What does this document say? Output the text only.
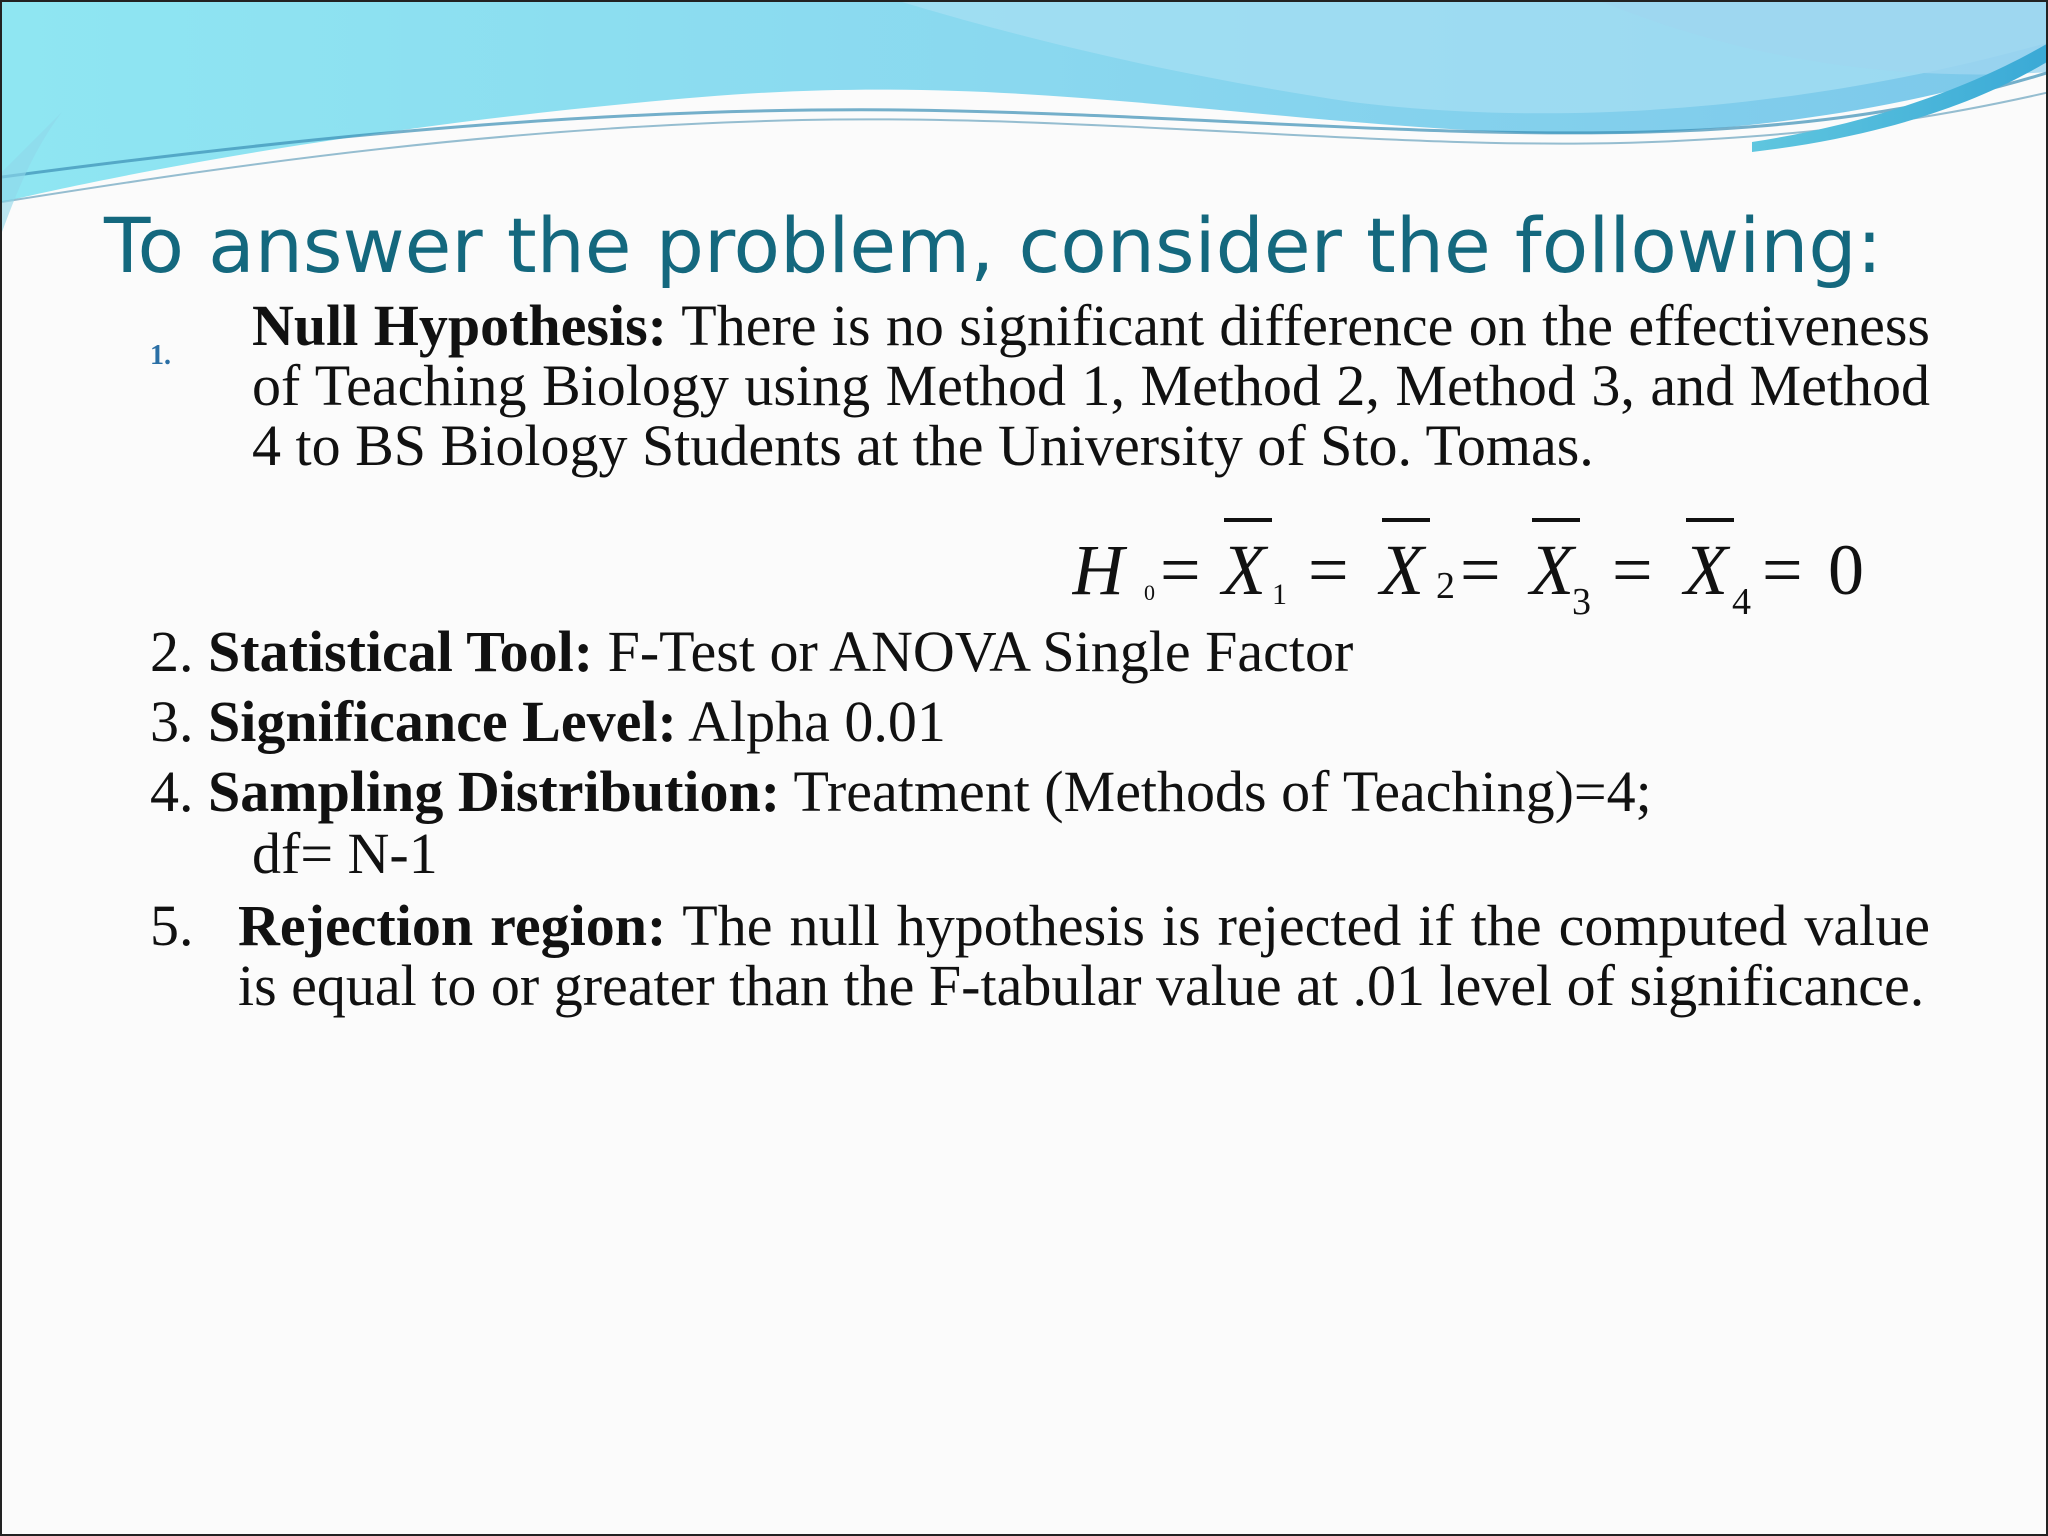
To answer the problem, consider the following:
1. Null Hypothesis: There is no significant difference on the effectiveness of Teaching Biology using Method 1, Method 2, Method 3, and Method 4 to BS Biology Students at the University of Sto. Tomas.
H 0 = X 1 = X 2 = X
3 = X 4 = 0
2. Statistical Tool: F-Test or ANOVA Single Factor
3. Significance Level: Alpha 0.01
4. Sampling Distribution: Treatment (Methods of Teaching)=4;
df= N-1
5. Rejection region: The null hypothesis is rejected if the computed value is equal to or greater than the F-tabular value at .01 level of significance.
